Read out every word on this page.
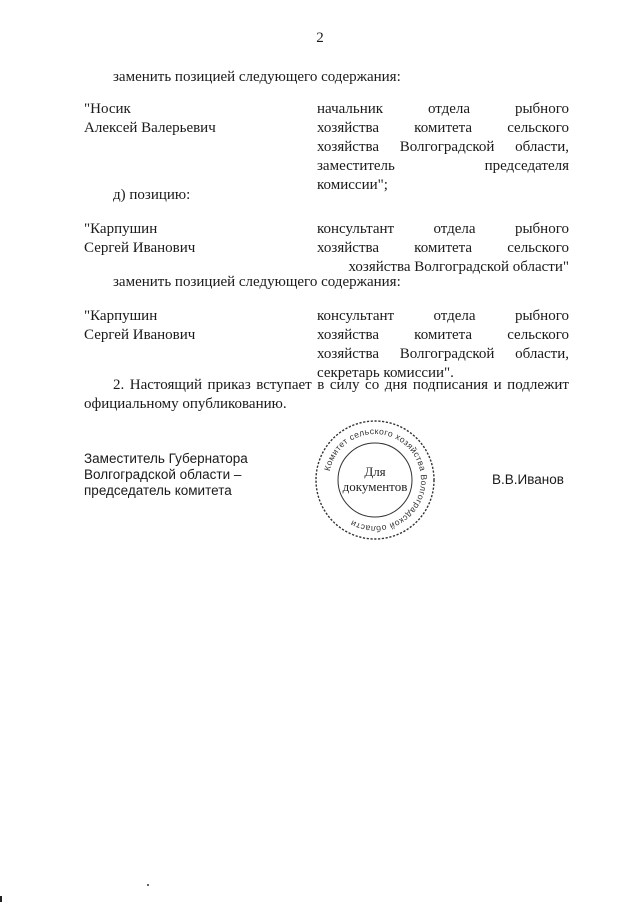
2
заменить позицией следующего содержания:
"Носик
Алексей Валерьевич
начальник отдела рыбного
хозяйства комитета сельского
хозяйства Волгоградской области,
заместитель председателя
комиссии";
д) позицию:
"Карпушин
Сергей Иванович
консультант отдела рыбного
хозяйства комитета сельского
хозяйства Волгоградской области"
заменить позицией следующего содержания:
"Карпушин
Сергей Иванович
консультант отдела рыбного
хозяйства комитета сельского
хозяйства Волгоградской области,
секретарь комиссии".
2. Настоящий приказ вступает в силу со дня подписания и подлежит
официальному опубликованию.
Заместитель Губернатора
Волгоградской области –
председатель комитета
Комитет сельского хозяйства Волгоградской области
Для
документов	В.В.Иванов
